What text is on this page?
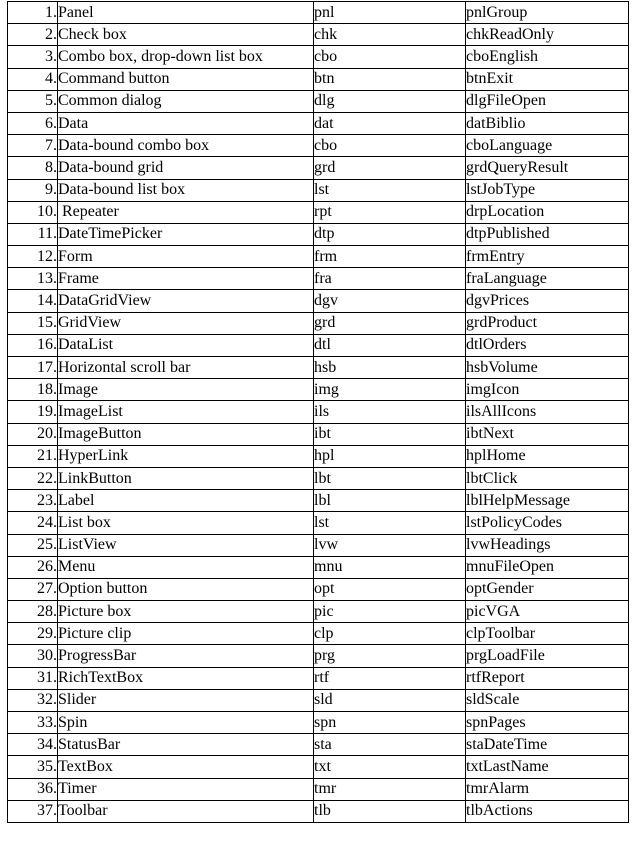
1.	Panel	pnl	pnlGroup
2.	Check box	chk	chkReadOnly
3.	Combo box, drop-down list box	cbo	cboEnglish
4.	Command button	btn	btnExit
5.	Common dialog	dlg	dlgFileOpen
6.	Data	dat	datBiblio
7.	Data-bound combo box	cbo	cboLanguage
8.	Data-bound grid	grd	grdQueryResult
9.	Data-bound list box	lst	lstJobType
10.	Repeater	rpt	drpLocation
11.	DateTimePicker	dtp	dtpPublished
12.	Form	frm	frmEntry
13.	Frame	fra	fraLanguage
14.	DataGridView	dgv	dgvPrices
15.	GridView	grd	grdProduct
16.	DataList	dtl	dtlOrders
17.	Horizontal scroll bar	hsb	hsbVolume
18.	Image	img	imgIcon
19.	ImageList	ils	ilsAllIcons
20.	ImageButton	ibt	ibtNext
21.	HyperLink	hpl	hplHome
22.	LinkButton	lbt	lbtClick
23.	Label	lbl	lblHelpMessage
24.	List box	lst	lstPolicyCodes
25.	ListView	lvw	lvwHeadings
26.	Menu	mnu	mnuFileOpen
27.	Option button	opt	optGender
28.	Picture box	pic	picVGA
29.	Picture clip	clp	clpToolbar
30.	ProgressBar	prg	prgLoadFile
31.	RichTextBox	rtf	rtfReport
32.	Slider	sld	sldScale
33.	Spin	spn	spnPages
34.	StatusBar	sta	staDateTime
35.	TextBox	txt	txtLastName
36.	Timer	tmr	tmrAlarm
37.	Toolbar	tlb	tlbActions
